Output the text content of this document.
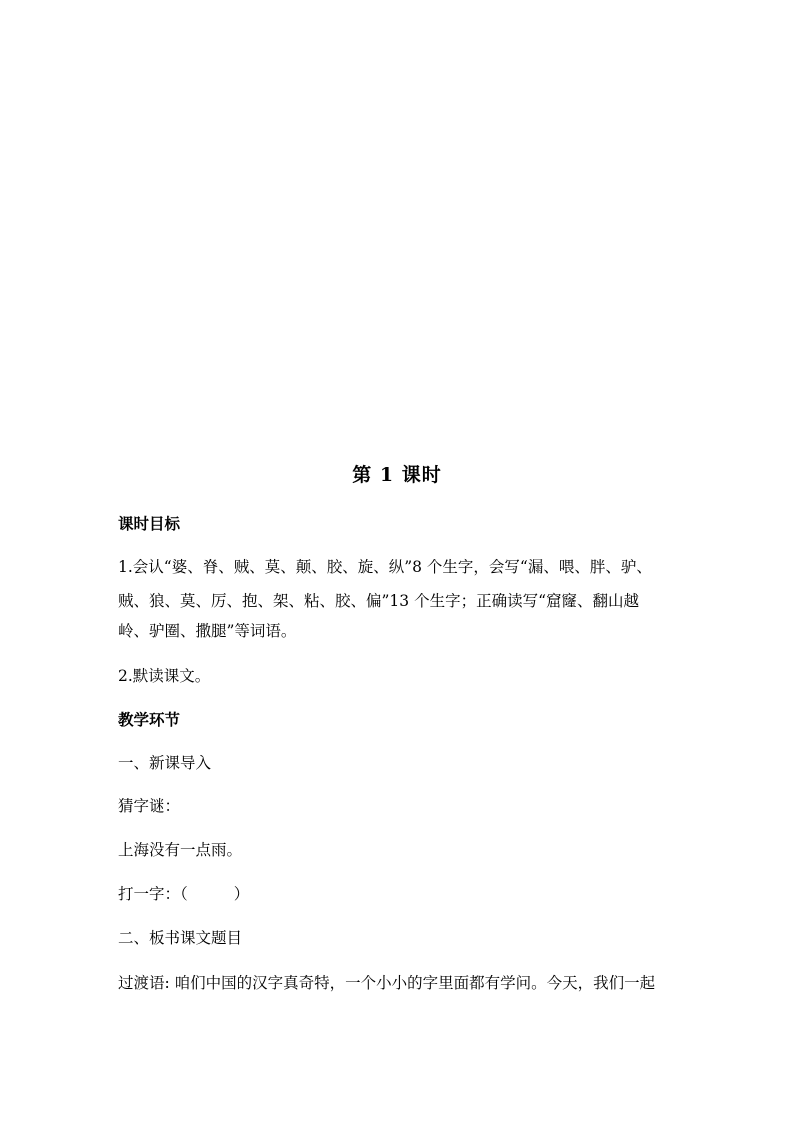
第 1 课时
课时目标
1.会认“婆、脊、贼、莫、颠、胶、旋、纵”8 个生字，会写“漏、喂、胖、驴、
贼、狼、莫、厉、抱、架、粘、胶、偏”13 个生字；正确读写“窟窿、翻山越
岭、驴圈、撒腿”等词语。
2.默读课文。
教学环节
一、新课导入
猜字谜：
上海没有一点雨。
打一字：（	）
二、板书课文题目
过渡语: 咱们中国的汉字真奇特，一个小小的字里面都有学问。今天，我们一起
